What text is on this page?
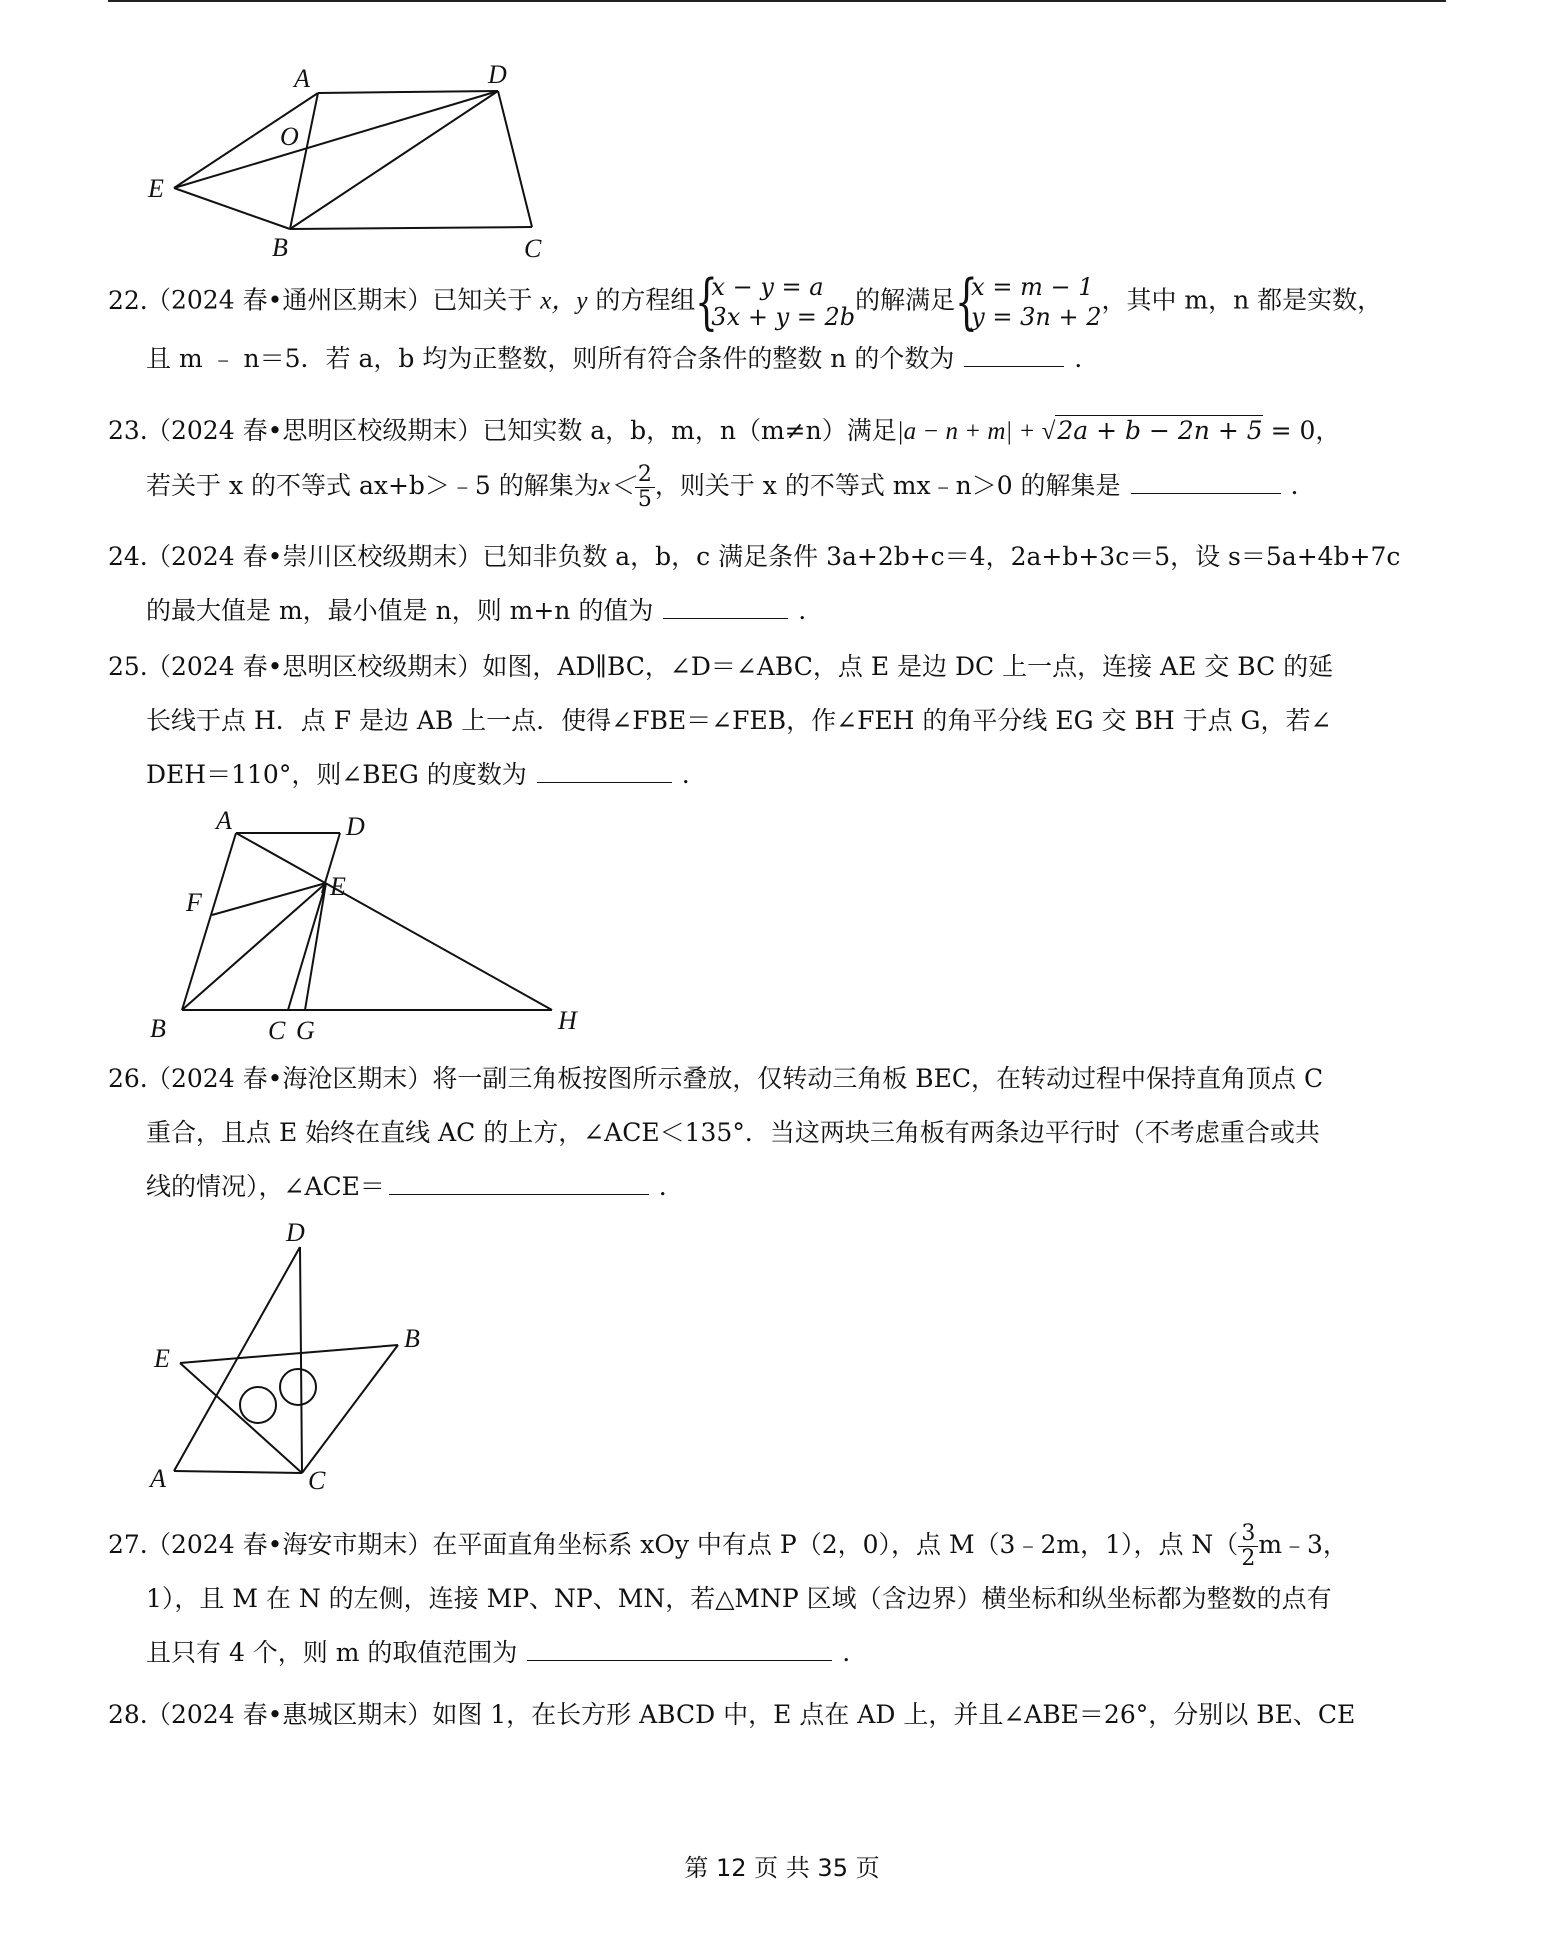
A	D
O
E
B	C
22.（2024 春•通州区期末）已知关于 x，y 的方程组 {
x − y = a
3x + y = 2b
的解满足 {
x = m − 1
y = 3n + 2
，其中 m，n 都是实数，
且 m ﹣ n＝5．若 a，b 均为正整数，则所有符合条件的整数 n 的个数为	．
23.（2024 春•思明区校级期末）已知实数 a，b，m，n（m≠n）满足|a − n + m| + √2a + b − 2n + 5 = 0，
若关于 x 的不等式 ax+b＞﹣5 的解集为$x< \frac{2}{5}$ ，则关于 x 的不等式 mx﹣n＞0 的解集是	．
24.（2024 春•崇川区校级期末）已知非负数 a，b，c 满足条件 3a+2b+c＝4，2a+b+3c＝5，设 s＝5a+4b+7c
的最大值是 m，最小值是 n，则 m+n 的值为	．
25.（2024 春•思明区校级期末）如图，AD∥BC，∠D＝∠ABC，点 E 是边 DC 上一点，连接 AE 交 BC 的延
长线于点 H．点 F 是边 AB 上一点．使得∠FBE＝∠FEB，作∠FEH 的角平分线 EG 交 BH 于点 G，若∠
DEH＝110°，则∠BEG 的度数为	．
A	D
E
F
B	C G	H
26.（2024 春•海沧区期末）将一副三角板按图所示叠放，仅转动三角板 BEC，在转动过程中保持直角顶点 C
重合，且点 E 始终在直线 AC 的上方，∠ACE＜135°．当这两块三角板有两条边平行时（不考虑重合或共
线的情况），∠ACE＝	．
D
E
B
A	C
27.（2024 春•海安市期末）在平面直角坐标系 xOy 中有点 P（2，0），点 M（3﹣2m，1），点 $N( \frac{3}{2}$ m﹣3，
1），且 M 在 N 的左侧，连接 MP、NP、MN，若△MNP 区域（含边界）横坐标和纵坐标都为整数的点有
且只有 4 个，则 m 的取值范围为	．
28.（2024 春•惠城区期末）如图 1，在长方形 ABCD 中，E 点在 AD 上，并且∠ABE＝26°，分别以 BE、CE
第 12 页 共 35 页
